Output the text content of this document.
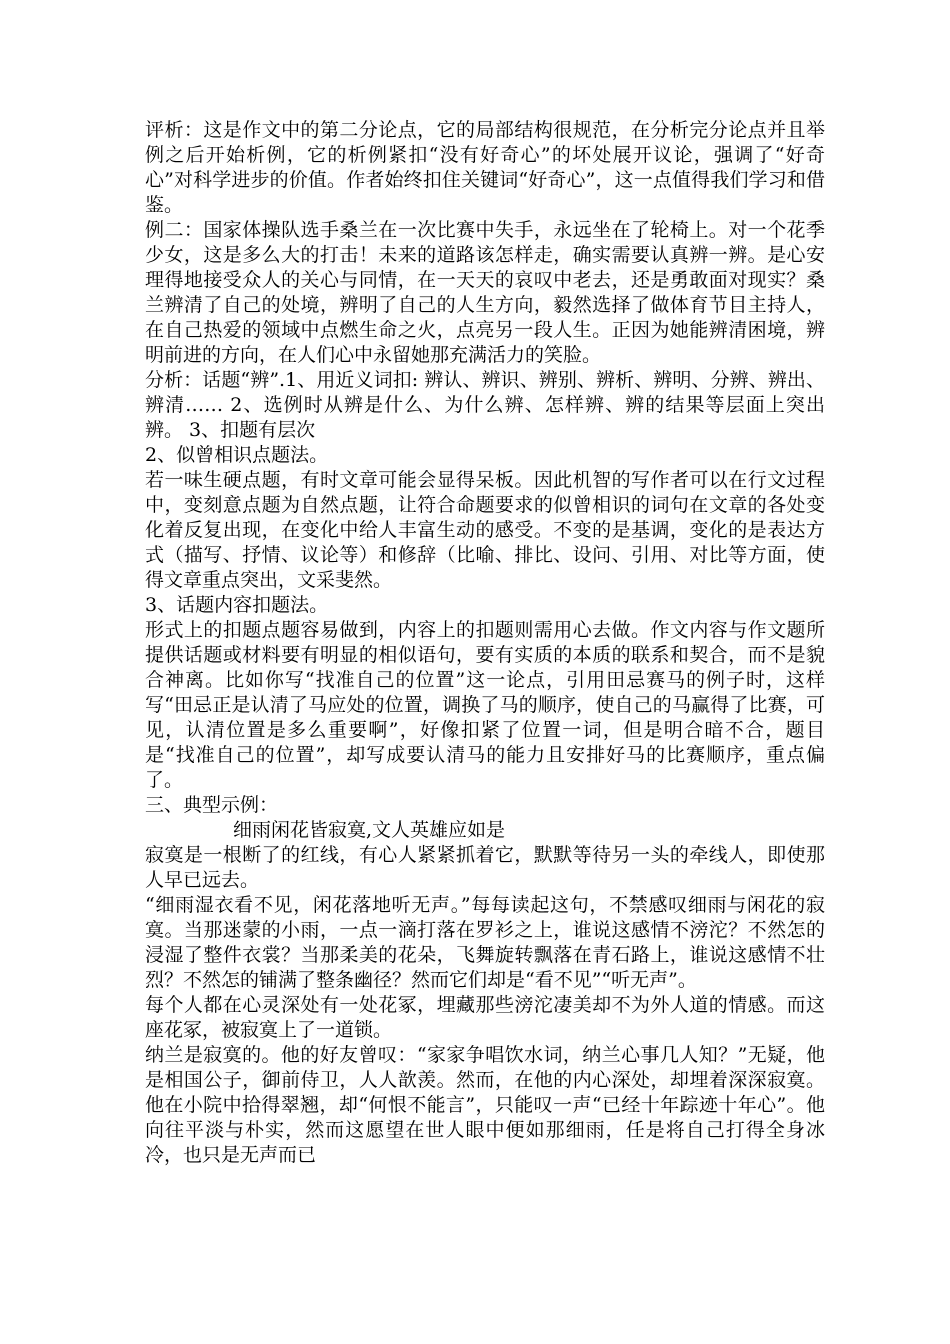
评析：这是作文中的第二分论点，它的局部结构很规范，在分析完分论点并且举例之后开始析例，它的析例紧扣“没有好奇心”的坏处展开议论，强调了“好奇心”对科学进步的价值。作者始终扣住关键词“好奇心”，这一点值得我们学习和借鉴。

例二：国家体操队选手桑兰在一次比赛中失手，永远坐在了轮椅上。对一个花季少女，这是多么大的打击！未来的道路该怎样走，确实需要认真辨一辨。是心安理得地接受众人的关心与同情，在一天天的哀叹中老去，还是勇敢面对现实？桑兰辨清了自己的处境，辨明了自己的人生方向，毅然选择了做体育节目主持人，在自己热爱的领域中点燃生命之火，点亮另一段人生。正因为她能辨清困境，辨明前进的方向，在人们心中永留她那充满活力的笑脸。

分析：话题“辨”.1、用近义词扣: 辨认、辨识、辨别、辨析、辨明、分辨、辨出、辨清…… 2、选例时从辨是什么、为什么辨、怎样辨、辨的结果等层面上突出辨。 3、扣题有层次

2、似曾相识点题法。

若一味生硬点题，有时文章可能会显得呆板。因此机智的写作者可以在行文过程中，变刻意点题为自然点题，让符合命题要求的似曾相识的词句在文章的各处变化着反复出现，在变化中给人丰富生动的感受。不变的是基调，变化的是表达方式（描写、抒情、议论等）和修辞（比喻、排比、设问、引用、对比等方面，使得文章重点突出，文采斐然。

3、话题内容扣题法。

形式上的扣题点题容易做到，内容上的扣题则需用心去做。作文内容与作文题所提供话题或材料要有明显的相似语句，要有实质的本质的联系和契合，而不是貌合神离。比如你写“找准自己的位置”这一论点，引用田忌赛马的例子时，这样写“田忌正是认清了马应处的位置，调换了马的顺序，使自己的马赢得了比赛，可见，认清位置是多么重要啊”，好像扣紧了位置一词，但是明合暗不合，题目是“找准自己的位置”，却写成要认清马的能力且安排好马的比赛顺序，重点偏了。

三、典型示例：

细雨闲花皆寂寞,文人英雄应如是

寂寞是一根断了的红线，有心人紧紧抓着它，默默等待另一头的牵线人，即使那人早已远去。

“细雨湿衣看不见，闲花落地听无声。”每每读起这句，不禁感叹细雨与闲花的寂寞。当那迷蒙的小雨，一点一滴打落在罗衫之上，谁说这感情不滂沱？不然怎的浸湿了整件衣裳？当那柔美的花朵，飞舞旋转飘落在青石路上，谁说这感情不壮烈？不然怎的铺满了整条幽径？然而它们却是“看不见”“听无声”。

每个人都在心灵深处有一处花冢，埋藏那些滂沱凄美却不为外人道的情感。而这座花冢，被寂寞上了一道锁。

纳兰是寂寞的。他的好友曾叹：“家家争唱饮水词，纳兰心事几人知？”无疑，他是相国公子，御前侍卫，人人歆羡。然而，在他的内心深处，却埋着深深寂寞。他在小院中拾得翠翘，却“何恨不能言”，只能叹一声“已经十年踪迹十年心”。他向往平淡与朴实，然而这愿望在世人眼中便如那细雨，任是将自己打得全身冰冷，也只是无声而已
